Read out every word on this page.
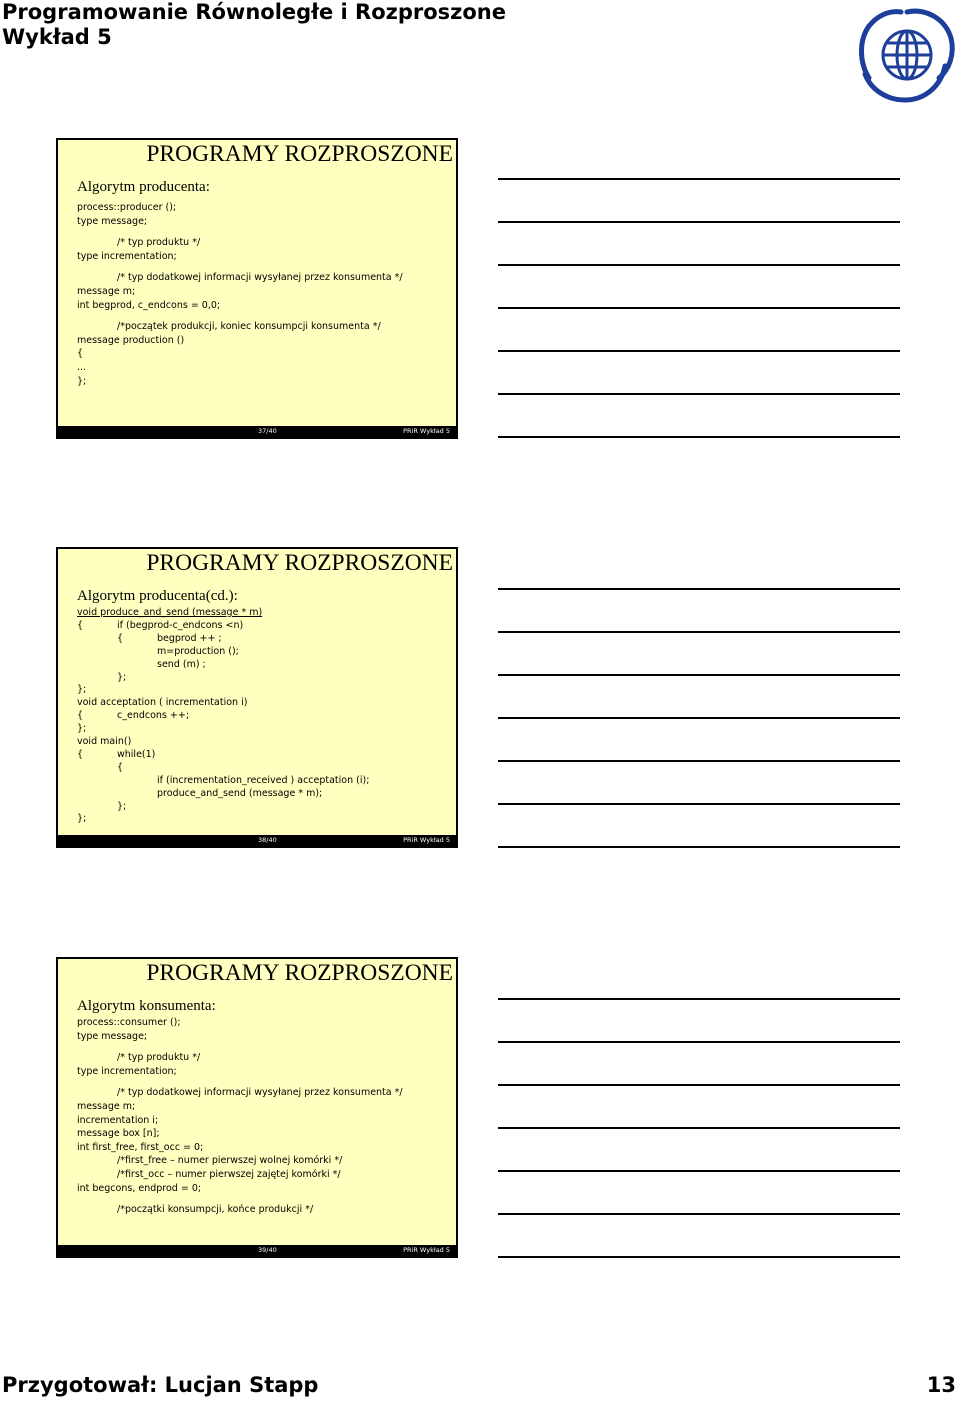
Programowanie Równoległe i Rozproszone
Wykład 5
PROGRAMY ROZPROSZONE
Algorytm producenta:
37/40	PRiR Wykład 5
process::producer ();
type message;
/* typ produktu */
type incrementation;
/* typ dodatkowej informacji wysyłanej przez konsumenta */
message m;
int begprod, c_endcons = 0,0;
/*początek produkcji, koniec konsumpcji konsumenta */
message production ()
{
...
};
PROGRAMY ROZPROSZONE
Algorytm producenta(cd.):
38/40	PRiR Wykład 5
void produce_and_send (message * m)
{	if (begprod-c_endcons <n)
{	begprod ++ ;
m=production ();
send (m) ;
};
};
void acceptation ( incrementation i)
{	c_endcons ++;
};
void main()
{	while(1)
{
if (incrementation_received ) acceptation (i);
produce_and_send (message * m);
};
};
PROGRAMY ROZPROSZONE
Algorytm konsumenta:
39/40	PRiR Wykład 5
process::consumer ();
type message;
/* typ produktu */
type incrementation;
/* typ dodatkowej informacji wysyłanej przez konsumenta */
message m;
incrementation i;
message box [n];
int first_free, first_occ = 0;
/*first_free – numer pierwszej wolnej komórki */
/*first_occ – numer pierwszej zajętej komórki */
int begcons, endprod = 0;
/*początki konsumpcji, końce produkcji */
Przygotował: Lucjan Stapp	13
